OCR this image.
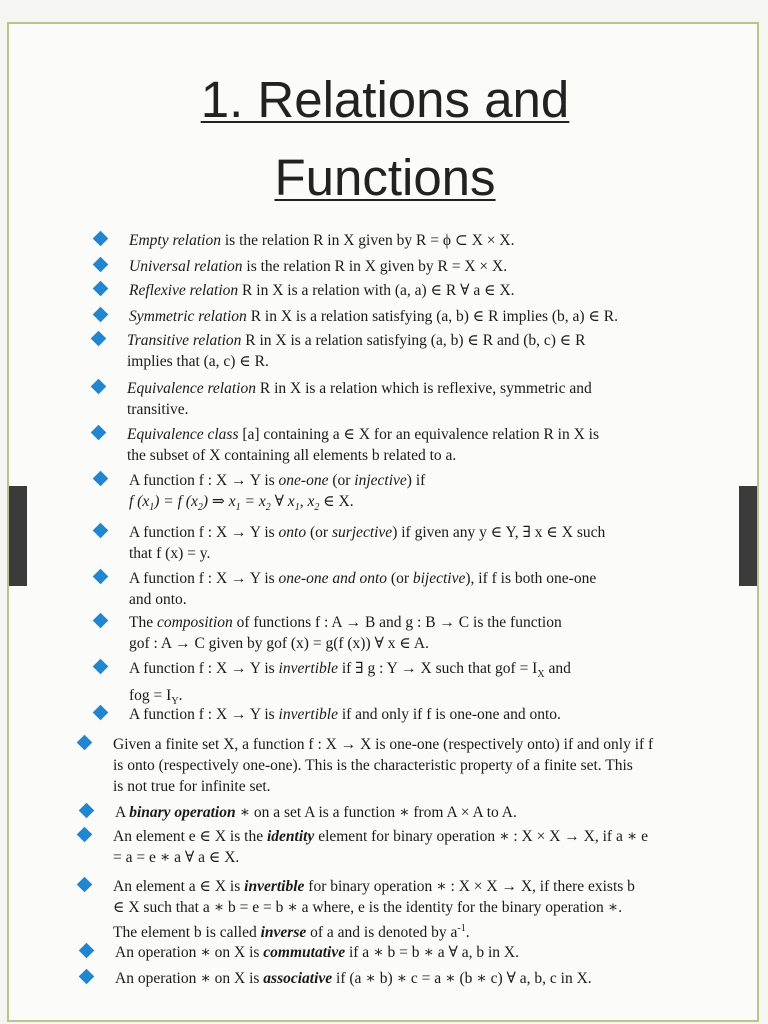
1. Relations and
Functions

Empty relation is the relation R in X given by R = ϕ ⊂ X × X.

Universal relation is the relation R in X given by R = X × X.

Reflexive relation R in X is a relation with (a, a) ∈ R ∀ a ∈ X.

Symmetric relation R in X is a relation satisfying (a, b) ∈ R implies (b, a) ∈ R.

Transitive relation R in X is a relation satisfying (a, b) ∈ R and (b, c) ∈ R

implies that (a, c) ∈ R.

Equivalence relation R in X is a relation which is reflexive, symmetric and

transitive.

Equivalence class [a] containing a ∈ X for an equivalence relation R in X is

the subset of X containing all elements b related to a.

A function f : X → Y is one-one (or injective) if

f $(x_1) = f$ $(x_2)$ ⇒ $x_1 = x_2$ ∀ $x_1$, $x_2$ ∈ X.

A function f : X → Y is onto (or surjective) if given any y ∈ Y, ∃ x ∈ X such

that f (x) = y.

A function f : X → Y is one-one and onto (or bijective), if f is both one-one

and onto.

The composition of functions f : A → B and g : B → C is the function

gof : A → C given by gof (x) = g(f (x)) ∀ x ∈ A.

A function f : X → Y is invertible if ∃ g : Y → X such that gof = $I_X$ and

fog = $I_Y$.

A function f : X → Y is invertible if and only if f is one-one and onto.

Given a finite set X, a function f : X → X is one-one (respectively onto) if and only if f

is onto (respectively one-one). This is the characteristic property of a finite set. This

is not true for infinite set.

A binary operation ∗ on a set A is a function ∗ from A × A to A.

An element e ∈ X is the identity element for binary operation ∗ : X × X → X, if a ∗ e

= a = e ∗ a ∀ a ∈ X.

An element a ∈ X is invertible for binary operation ∗ : X × X → X, if there exists b

∈ X such that a ∗ b = e = b ∗ a where, e is the identity for the binary operation ∗.

The element b is called inverse of a and is denoted by $a^{-1}$.

An operation ∗ on X is commutative if a ∗ b = b ∗ a ∀ a, b in X.

An operation ∗ on X is associative if (a ∗ b) ∗ c = a ∗ (b ∗ c) ∀ a, b, c in X.
